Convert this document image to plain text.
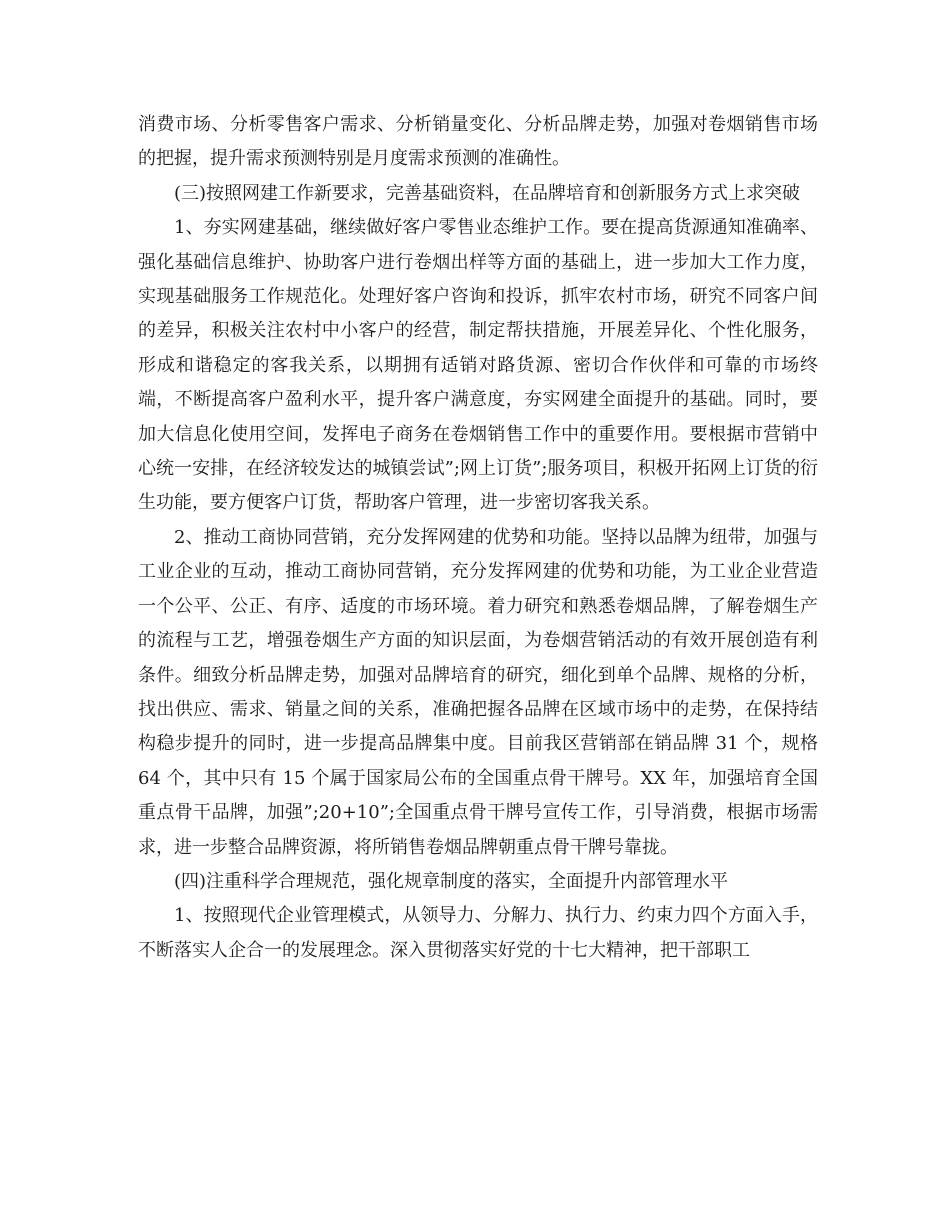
消费市场、分析零售客户需求、分析销量变化、分析品牌走势，加强对卷烟销售市场的把握，提升需求预测特别是月度需求预测的准确性。

(三)按照网建工作新要求，完善基础资料，在品牌培育和创新服务方式上求突破

1、夯实网建基础，继续做好客户零售业态维护工作。要在提高货源通知准确率、强化基础信息维护、协助客户进行卷烟出样等方面的基础上，进一步加大工作力度，实现基础服务工作规范化。处理好客户咨询和投诉，抓牢农村市场，研究不同客户间的差异，积极关注农村中小客户的经营，制定帮扶措施，开展差异化、个性化服务，形成和谐稳定的客我关系，以期拥有适销对路货源、密切合作伙伴和可靠的市场终端，不断提高客户盈利水平，提升客户满意度，夯实网建全面提升的基础。同时，要加大信息化使用空间，发挥电子商务在卷烟销售工作中的重要作用。要根据市营销中心统一安排，在经济较发达的城镇尝试”;网上订货”;服务项目，积极开拓网上订货的衍生功能，要方便客户订货，帮助客户管理，进一步密切客我关系。

2、推动工商协同营销，充分发挥网建的优势和功能。坚持以品牌为纽带，加强与工业企业的互动，推动工商协同营销，充分发挥网建的优势和功能，为工业企业营造一个公平、公正、有序、适度的市场环境。着力研究和熟悉卷烟品牌，了解卷烟生产的流程与工艺，增强卷烟生产方面的知识层面，为卷烟营销活动的有效开展创造有利条件。细致分析品牌走势，加强对品牌培育的研究，细化到单个品牌、规格的分析，找出供应、需求、销量之间的关系，准确把握各品牌在区域市场中的走势，在保持结构稳步提升的同时，进一步提高品牌集中度。目前我区营销部在销品牌 31 个，规格 64 个，其中只有 15 个属于国家局公布的全国重点骨干牌号。XX 年，加强培育全国重点骨干品牌，加强”;20+10”;全国重点骨干牌号宣传工作，引导消费，根据市场需求，进一步整合品牌资源，将所销售卷烟品牌朝重点骨干牌号靠拢。

(四)注重科学合理规范，强化规章制度的落实，全面提升内部管理水平

1、按照现代企业管理模式，从领导力、分解力、执行力、约束力四个方面入手，不断落实人企合一的发展理念。深入贯彻落实好党的十七大精神，把干部职工
